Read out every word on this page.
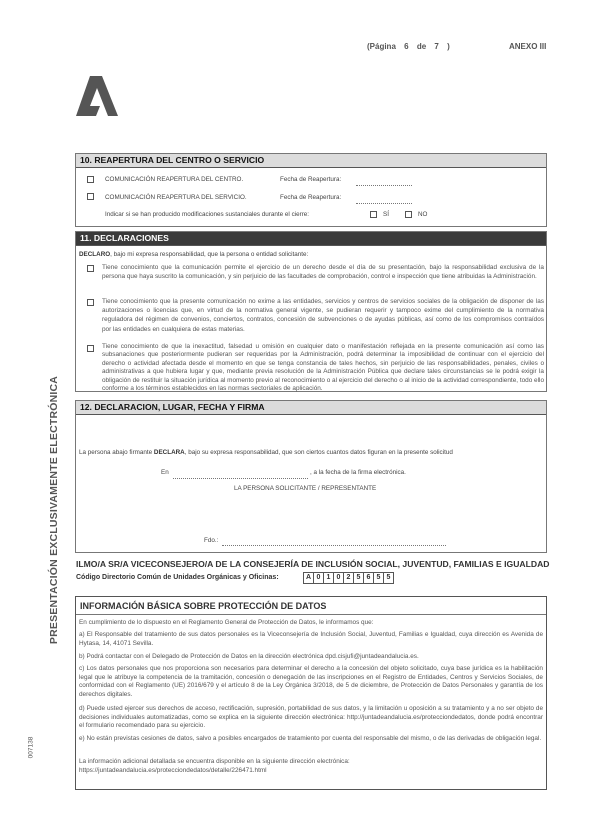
(Página 6 de 7 )	ANEXO III
PRESENTACIÓN EXCLUSIVAMENTE ELECTRÓNICA
007138
10. REAPERTURA DEL CENTRO O SERVICIO
COMUNICACIÓN REAPERTURA DEL CENTRO.	Fecha de Reapertura:
COMUNICACIÓN REAPERTURA DEL SERVICIO.	Fecha de Reapertura:
Indicar si se han producido modificaciones sustanciales durante el cierre:	SÍ	NO
11. DECLARACIONES
DECLARO, bajo mi expresa responsabilidad, que la persona o entidad solicitante:
Tiene conocimiento que la comunicación permite el ejercicio de un derecho desde el día de su presentación, bajo la responsabilidad exclusiva de la persona que haya suscrito la comunicación, y sin perjuicio de las facultades de comprobación, control e inspección que tiene atribuidas la Administración.
Tiene conocimiento que la presente comunicación no exime a las entidades, servicios y centros de servicios sociales de la obligación de disponer de las autorizaciones o licencias que, en virtud de la normativa general vigente, se pudieran requerir y tampoco exime del cumplimiento de la normativa reguladora del régimen de convenios, conciertos, contratos, concesión de subvenciones o de ayudas públicas, así como de los compromisos contraídos por las entidades en cualquiera de estas materias.
Tiene conocimiento de que la inexactitud, falsedad u omisión en cualquier dato o manifestación reflejada en la presente comunicación así como las subsanaciones que posteriormente pudieran ser requeridas por la Administración, podrá determinar la imposibilidad de continuar con el ejercicio del derecho o actividad afectada desde el momento en que se tenga constancia de tales hechos, sin perjuicio de las responsabilidades, penales, civiles o administrativas a que hubiera lugar y que, mediante previa resolución de la Administración Pública que declare tales circunstancias se le podrá exigir la obligación de restituir la situación jurídica al momento previo al reconocimiento o al ejercicio del derecho o al inicio de la actividad correspondiente, todo ello conforme a los términos establecidos en las normas sectoriales de aplicación.
12. DECLARACION, LUGAR, FECHA Y FIRMA
La persona abajo firmante DECLARA, bajo su expresa responsabilidad, que son ciertos cuantos datos figuran en la presente solicitud
En	, a la fecha de la firma electrónica.
LA PERSONA SOLICITANTE / REPRESENTANTE
Fdo.:
ILMO/A SR/A VICECONSEJERO/A DE LA CONSEJERÍA DE INCLUSIÓN SOCIAL, JUVENTUD, FAMILIAS E IGUALDAD
Código Directorio Común de Unidades Orgánicas y Oficinas:	A 0 1 0 2 5 6 5 5
INFORMACIÓN BÁSICA SOBRE PROTECCIÓN DE DATOS
En cumplimiento de lo dispuesto en el Reglamento General de Protección de Datos, le informamos que:
a) El Responsable del tratamiento de sus datos personales es la Viceconsejería de Inclusión Social, Juventud, Familias e Igualdad, cuya dirección es Avenida de Hytasa, 14, 41071 Sevilla.
b) Podrá contactar con el Delegado de Protección de Datos en la dirección electrónica dpd.cisjufi@juntadeandalucia.es.
c) Los datos personales que nos proporciona son necesarios para determinar el derecho a la concesión del objeto solicitado, cuya base jurídica es la habilitación legal que le atribuye la competencia de la tramitación, concesión o denegación de las inscripciones en el Registro de Entidades, Centros y Servicios Sociales, de conformidad con el Reglamento (UE) 2016/679 y el artículo 8 de la Ley Orgánica 3/2018, de 5 de diciembre, de Protección de Datos Personales y garantía de los derechos digitales.
d) Puede usted ejercer sus derechos de acceso, rectificación, supresión, portabilidad de sus datos, y la limitación u oposición a su tratamiento y a no ser objeto de decisiones individuales automatizadas, como se explica en la siguiente dirección electrónica: http://juntadeandalucia.es/protecciondedatos, donde podrá encontrar el formulario recomendado para su ejercicio.
e) No están previstas cesiones de datos, salvo a posibles encargados de tratamiento por cuenta del responsable del mismo, o de las derivadas de obligación legal.
La información adicional detallada se encuentra disponible en la siguiente dirección electrónica:
https://juntadeandalucia.es/protecciondedatos/detalle/226471.html
